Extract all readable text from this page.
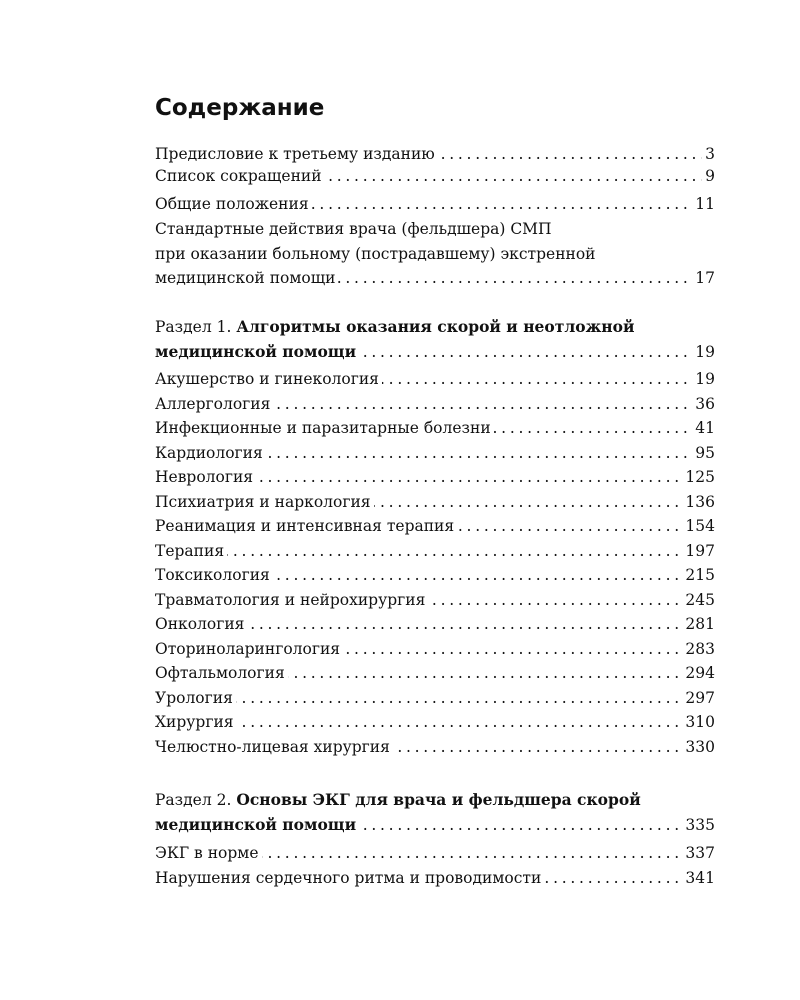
Содержание
Предисловие к третьему изданию	3
. . .
Список сокращений	9
. . .
Общие положения	11
. . .
Стандартные действия врача (фельдшера) СМП
при оказании больному (пострадавшему) экстренной
медицинской помощи	17
. . .
Раздел 1. Алгоритмы оказания скорой и неотложной
медицинской помощи	19
. . .
Акушерство и гинекология	19
. . .
Аллергология	36
. . .
Инфекционные и паразитарные болезни	41
. . .
Кардиология	95
. . .
Неврология	125
. . .
Психиатрия и наркология	136
. . .
Реанимация и интенсивная терапия	154
. . .
Терапия	197
. . .
Токсикология	215
. . .
Травматология и нейрохирургия	245
. . .
Онкология	281
. . .
Оториноларингология	283
. . .
Офтальмология	294
. . .
Урология	297
. . .
Хирургия	310
. . .
Челюстно-лицевая хирургия	330
. . .
Раздел 2. Основы ЭКГ для врача и фельдшера скорой
медицинской помощи	335
. . .
ЭКГ в норме	337
. . .
Нарушения сердечного ритма и проводимости	341
. . .
